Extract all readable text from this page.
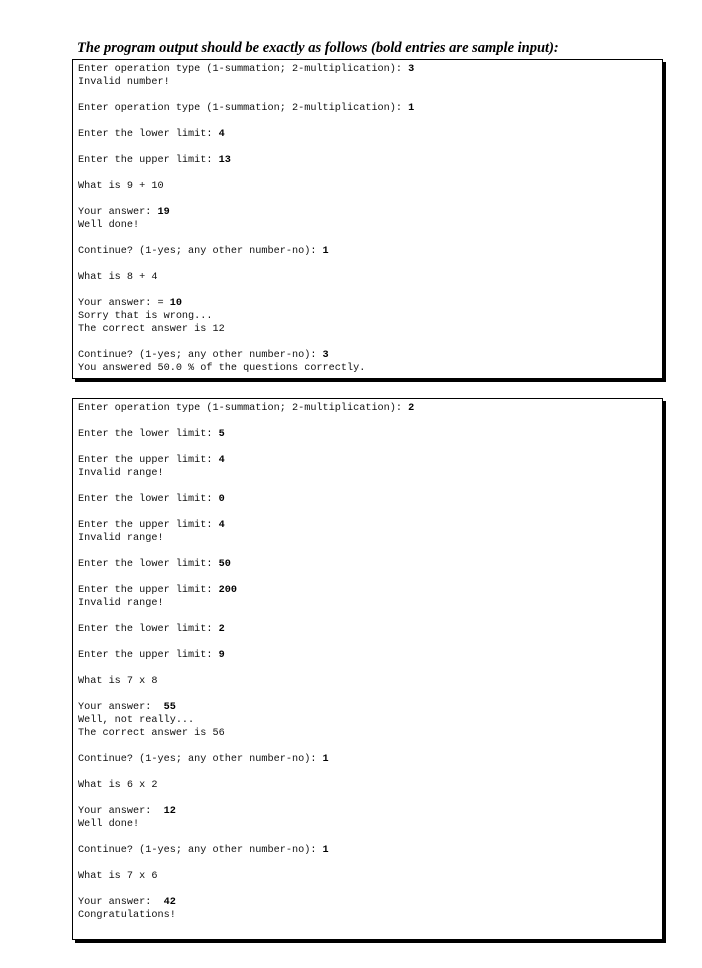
The program output should be exactly as follows (bold entries are sample input):

Enter operation type (1-summation; 2-multiplication): 3
Invalid number!
Enter operation type (1-summation; 2-multiplication): 1
Enter the lower limit: 4
Enter the upper limit: 13
What is 9 + 10
Your answer: 19
Well done!
Continue? (1-yes; any other number-no): 1
What is 8 + 4
Your answer: = 10
Sorry that is wrong...
The correct answer is 12
Continue? (1-yes; any other number-no): 3
You answered 50.0 % of the questions correctly.
Enter operation type (1-summation; 2-multiplication): 2
Enter the lower limit: 5
Enter the upper limit: 4
Invalid range!
Enter the lower limit: 0
Enter the upper limit: 4
Invalid range!
Enter the lower limit: 50
Enter the upper limit: 200
Invalid range!
Enter the lower limit: 2
Enter the upper limit: 9
What is 7 x 8
Your answer:  55
Well, not really...
The correct answer is 56
Continue? (1-yes; any other number-no): 1
What is 6 x 2
Your answer:  12
Well done!
Continue? (1-yes; any other number-no): 1
What is 7 x 6
Your answer:  42
Congratulations!
